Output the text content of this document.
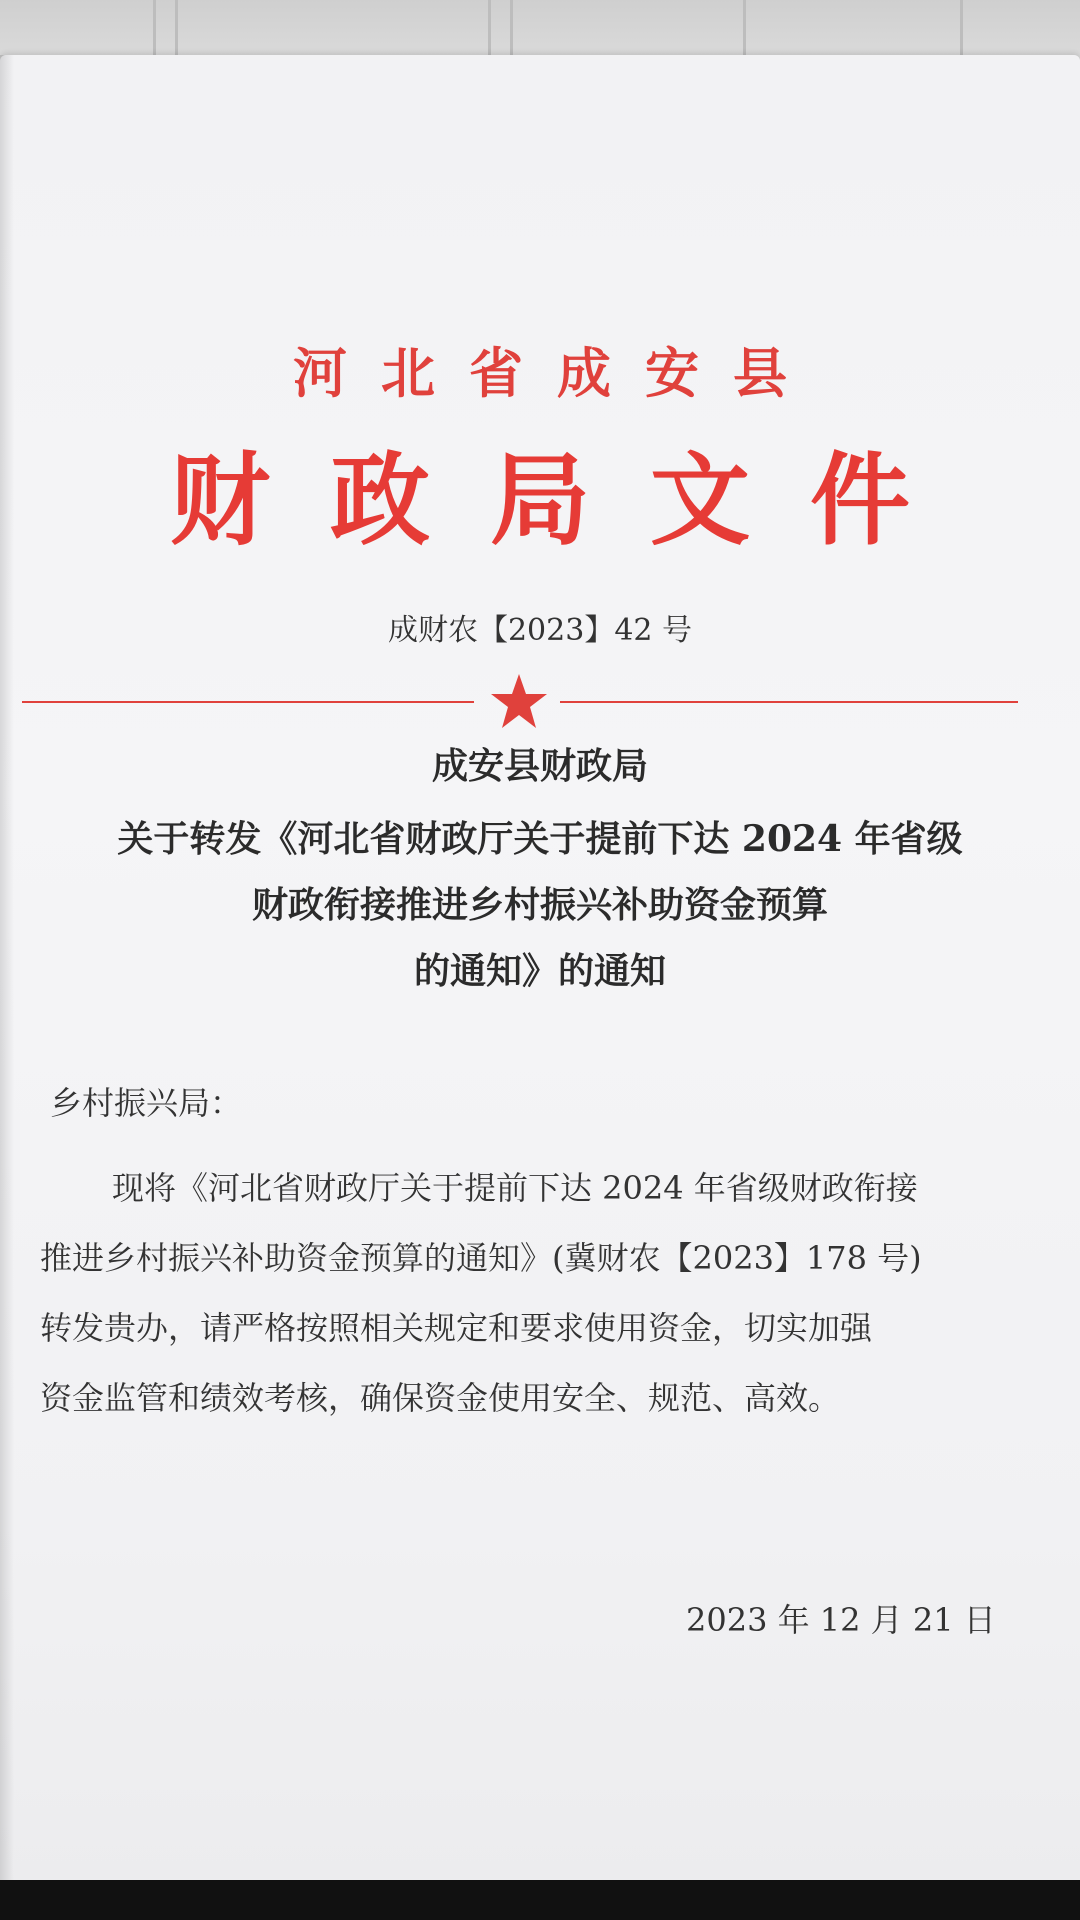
河北省成安县
财政局文件
成财农【2023】42 号
成安县财政局
关于转发《河北省财政厅关于提前下达 2024 年省级
财政衔接推进乡村振兴补助资金预算
的通知》的通知
乡村振兴局：
现将《河北省财政厅关于提前下达 2024 年省级财政衔接
推进乡村振兴补助资金预算的通知》(冀财农【2023】178 号)
转发贵办，请严格按照相关规定和要求使用资金，切实加强
资金监管和绩效考核，确保资金使用安全、规范、高效。
2023 年 12 月 21 日
